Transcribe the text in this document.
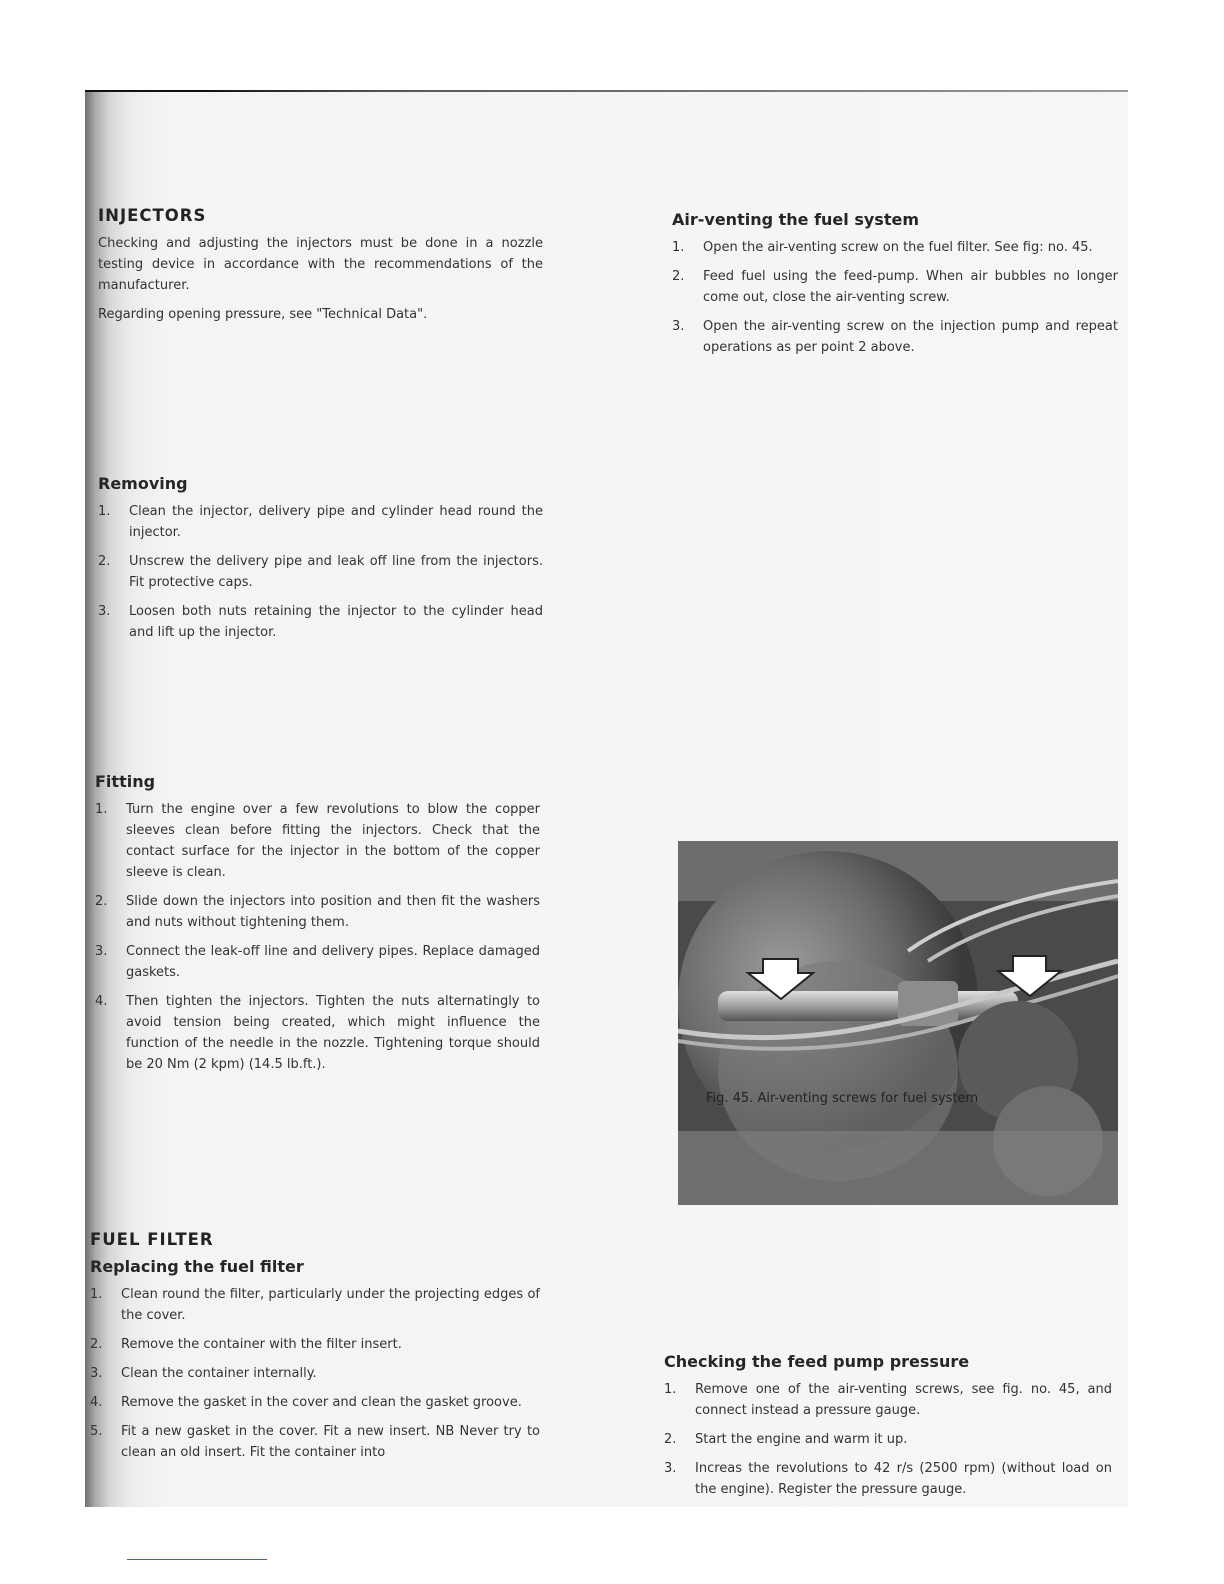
INJECTORS

Checking and adjusting the injectors must be done in a nozzle testing device in accordance with the recommendations of the manufacturer.

Regarding opening pressure, see "Technical Data".

Removing
1. Clean the injector, delivery pipe and cylinder head round the injector.
2. Unscrew the delivery pipe and leak off line from the injectors. Fit protective caps.
3. Loosen both nuts retaining the injector to the cylinder head and lift up the injector.
Fitting
1. Turn the engine over a few revolutions to blow the copper sleeves clean before fitting the injectors. Check that the contact surface for the injector in the bottom of the copper sleeve is clean.
2. Slide down the injectors into position and then fit the washers and nuts without tightening them.
3. Connect the leak-off line and delivery pipes. Replace damaged gaskets.
4. Then tighten the injectors. Tighten the nuts alternatingly to avoid tension being created, which might influence the function of the needle in the nozzle. Tightening torque should be 20 Nm (2 kpm) (14.5 lb.ft.).
FUEL FILTER
Replacing the fuel filter
1. Clean round the filter, particularly under the projecting edges of the cover.
2. Remove the container with the filter insert.
3. Clean the container internally.
4. Remove the gasket in the cover and clean the gasket groove.
5. Fit a new gasket in the cover. Fit a new insert. NB Never try to clean an old insert. Fit the container into
Air-venting the fuel system
1. Open the air-venting screw on the fuel filter. See fig: no. 45.
2. Feed fuel using the feed-pump. When air bubbles no longer come out, close the air-venting screw.
3. Open the air-venting screw on the injection pump and repeat operations as per point 2 above.
Fig. 45. Air-venting screws for fuel system
Checking the feed pump pressure
1. Remove one of the air-venting screws, see fig. no. 45, and connect instead a pressure gauge.
2. Start the engine and warm it up.
3. Increas the revolutions to 42 r/s (2500 rpm) (without load on the engine). Register the pressure gauge.
